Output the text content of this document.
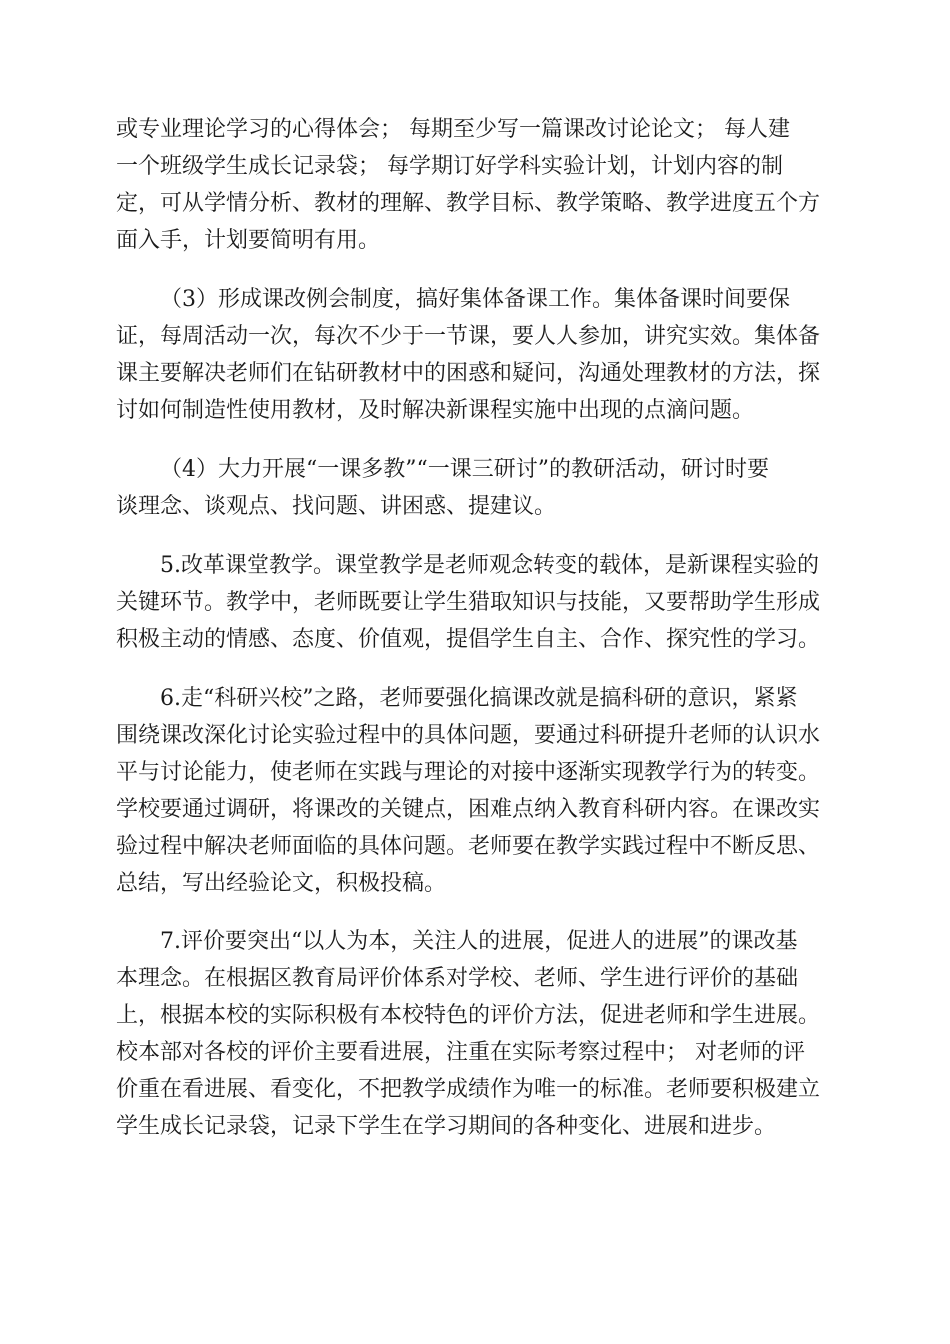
或专业理论学习的心得体会； 每期至少写一篇课改讨论论文； 每人建
一个班级学生成长记录袋； 每学期订好学科实验计划，计划内容的制
定，可从学情分析、教材的理解、教学目标、教学策略、教学进度五个方
面入手，计划要简明有用。
（3）形成课改例会制度，搞好集体备课工作。集体备课时间要保
证，每周活动一次，每次不少于一节课，要人人参加，讲究实效。集体备
课主要解决老师们在钻研教材中的困惑和疑问，沟通处理教材的方法，探
讨如何制造性使用教材，及时解决新课程实施中出现的点滴问题。
（4）大力开展“一课多教”“一课三研讨”的教研活动，研讨时要
谈理念、谈观点、找问题、讲困惑、提建议。
5.改革课堂教学。课堂教学是老师观念转变的载体，是新课程实验的
关键环节。教学中，老师既要让学生猎取知识与技能，又要帮助学生形成
积极主动的情感、态度、价值观，提倡学生自主、合作、探究性的学习。
6.走“科研兴校”之路，老师要强化搞课改就是搞科研的意识，紧紧
围绕课改深化讨论实验过程中的具体问题，要通过科研提升老师的认识水
平与讨论能力，使老师在实践与理论的对接中逐渐实现教学行为的转变。
学校要通过调研，将课改的关键点，困难点纳入教育科研内容。在课改实
验过程中解决老师面临的具体问题。老师要在教学实践过程中不断反思、
总结，写出经验论文，积极投稿。
7.评价要突出“以人为本，关注人的进展，促进人的进展”的课改基
本理念。在根据区教育局评价体系对学校、老师、学生进行评价的基础
上，根据本校的实际积极有本校特色的评价方法，促进老师和学生进展。
校本部对各校的评价主要看进展，注重在实际考察过程中； 对老师的评
价重在看进展、看变化，不把教学成绩作为唯一的标准。老师要积极建立
学生成长记录袋，记录下学生在学习期间的各种变化、进展和进步。
